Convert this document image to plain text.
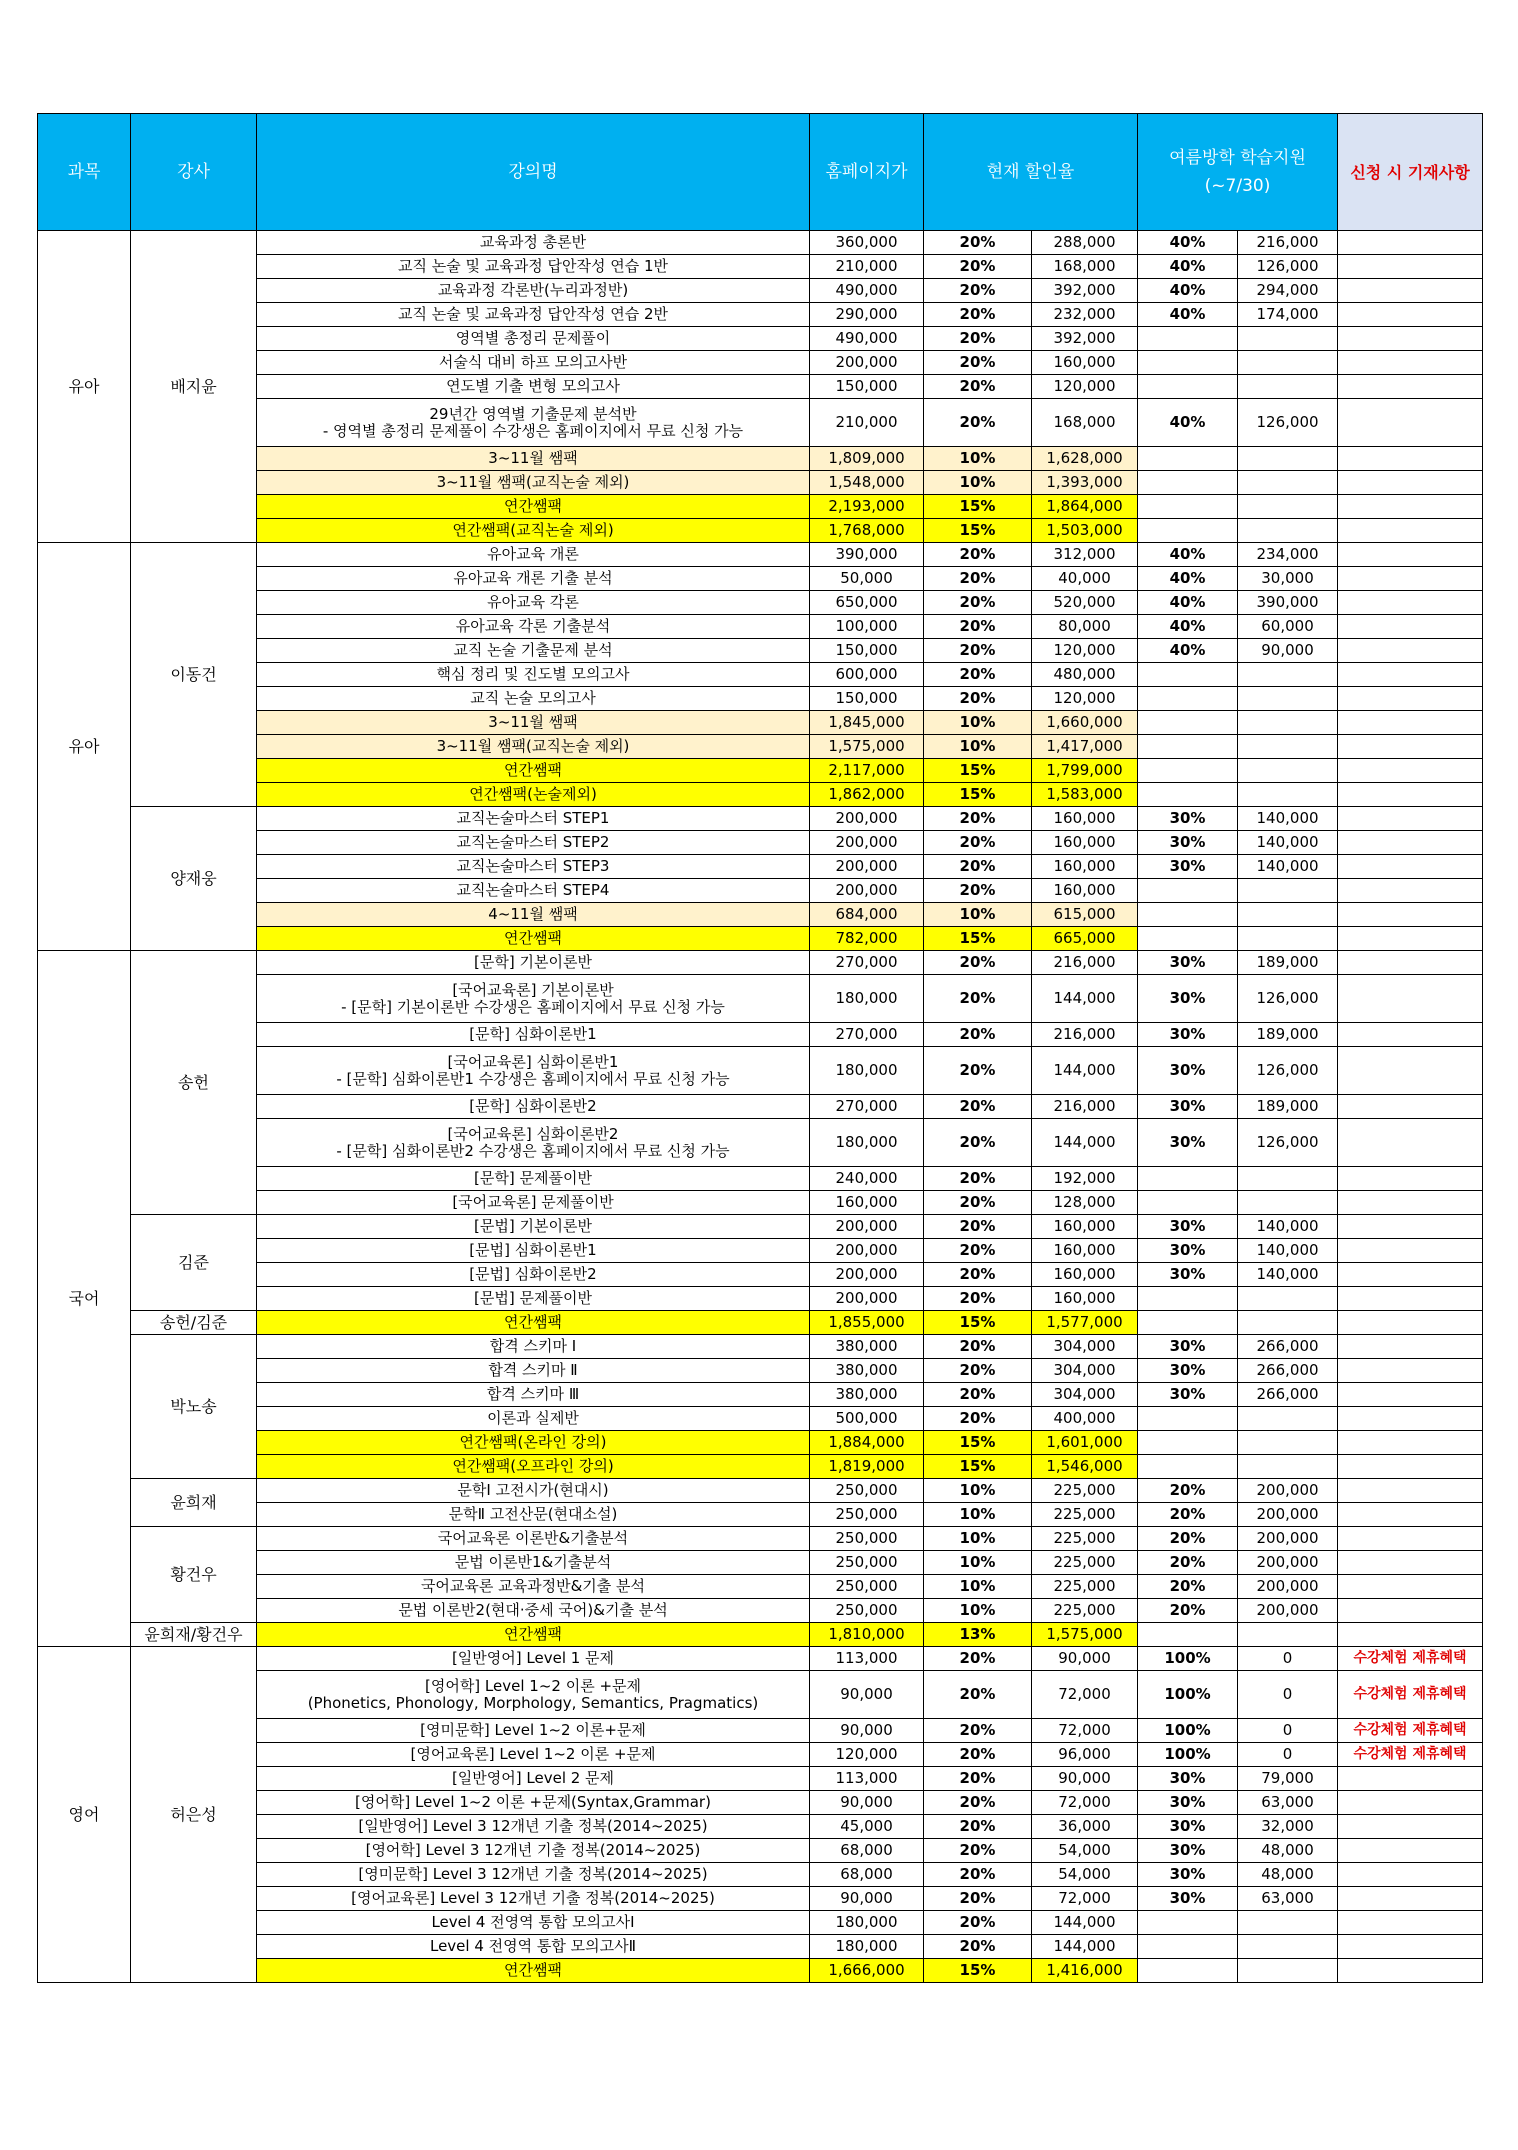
과목	강사	강의명	홈페이지가	현재 할인율		여름방학 학습지원
(~7/30)		신청 시 기재사항
유아	배지윤	교육과정 총론반	360,000	20%	288,000	40%	216,000	
		교직 논술 및 교육과정 답안작성 연습 1반	210,000	20%	168,000	40%	126,000	
		교육과정 각론반(누리과정반)	490,000	20%	392,000	40%	294,000	
		교직 논술 및 교육과정 답안작성 연습 2반	290,000	20%	232,000	40%	174,000	
		영역별 총정리 문제풀이	490,000	20%	392,000			
		서술식 대비 하프 모의고사반	200,000	20%	160,000			
		연도별 기출 변형 모의고사	150,000	20%	120,000			
		29년간 영역별 기출문제 분석반
- 영역별 총정리 문제풀이 수강생은 홈페이지에서 무료 신청 가능	210,000	20%	168,000	40%	126,000	
		3~11월 쌤팩	1,809,000	10%	1,628,000			
		3~11월 쌤팩(교직논술 제외)	1,548,000	10%	1,393,000			
		연간쌤팩	2,193,000	15%	1,864,000			
		연간쌤팩(교직논술 제외)	1,768,000	15%	1,503,000			
유아	이동건	유아교육 개론	390,000	20%	312,000	40%	234,000	
		유아교육 개론 기출 분석	50,000	20%	40,000	40%	30,000	
		유아교육 각론	650,000	20%	520,000	40%	390,000	
		유아교육 각론 기출분석	100,000	20%	80,000	40%	60,000	
		교직 논술 기출문제 분석	150,000	20%	120,000	40%	90,000	
		핵심 정리 및 진도별 모의고사	600,000	20%	480,000			
		교직 논술 모의고사	150,000	20%	120,000			
		3~11월 쌤팩	1,845,000	10%	1,660,000			
		3~11월 쌤팩(교직논술 제외)	1,575,000	10%	1,417,000			
		연간쌤팩	2,117,000	15%	1,799,000			
		연간쌤팩(논술제외)	1,862,000	15%	1,583,000			
	양재웅	교직논술마스터 STEP1	200,000	20%	160,000	30%	140,000	
		교직논술마스터 STEP2	200,000	20%	160,000	30%	140,000	
		교직논술마스터 STEP3	200,000	20%	160,000	30%	140,000	
		교직논술마스터 STEP4	200,000	20%	160,000			
		4~11월 쌤팩	684,000	10%	615,000			
		연간쌤팩	782,000	15%	665,000			
국어	송헌	[문학] 기본이론반	270,000	20%	216,000	30%	189,000	
		[국어교육론] 기본이론반
- [문학] 기본이론반 수강생은 홈페이지에서 무료 신청 가능	180,000	20%	144,000	30%	126,000	
		[문학] 심화이론반1	270,000	20%	216,000	30%	189,000	
		[국어교육론] 심화이론반1
- [문학] 심화이론반1 수강생은 홈페이지에서 무료 신청 가능	180,000	20%	144,000	30%	126,000	
		[문학] 심화이론반2	270,000	20%	216,000	30%	189,000	
		[국어교육론] 심화이론반2
- [문학] 심화이론반2 수강생은 홈페이지에서 무료 신청 가능	180,000	20%	144,000	30%	126,000	
		[문학] 문제풀이반	240,000	20%	192,000			
		[국어교육론] 문제풀이반	160,000	20%	128,000			
	김준	[문법] 기본이론반	200,000	20%	160,000	30%	140,000	
		[문법] 심화이론반1	200,000	20%	160,000	30%	140,000	
		[문법] 심화이론반2	200,000	20%	160,000	30%	140,000	
		[문법] 문제풀이반	200,000	20%	160,000			
	송헌/김준	연간쌤팩	1,855,000	15%	1,577,000			
	박노송	합격 스키마 Ⅰ	380,000	20%	304,000	30%	266,000	
		합격 스키마 Ⅱ	380,000	20%	304,000	30%	266,000	
		합격 스키마 Ⅲ	380,000	20%	304,000	30%	266,000	
		이론과 실제반	500,000	20%	400,000			
		연간쌤팩(온라인 강의)	1,884,000	15%	1,601,000			
		연간쌤팩(오프라인 강의)	1,819,000	15%	1,546,000			
	윤희재	문학Ⅰ 고전시가(현대시)	250,000	10%	225,000	20%	200,000	
		문학Ⅱ 고전산문(현대소설)	250,000	10%	225,000	20%	200,000	
	황건우	국어교육론 이론반&기출분석	250,000	10%	225,000	20%	200,000	
		문법 이론반1&기출분석	250,000	10%	225,000	20%	200,000	
		국어교육론 교육과정반&기출 분석	250,000	10%	225,000	20%	200,000	
		문법 이론반2(현대·중세 국어)&기출 분석	250,000	10%	225,000	20%	200,000	
	윤희재/황건우	연간쌤팩	1,810,000	13%	1,575,000			
영어	허은성	[일반영어] Level 1 문제	113,000	20%	90,000	100%	0	수강체험 제휴혜택
		[영어학] Level 1~2 이론 +문제
(Phonetics, Phonology, Morphology, Semantics, Pragmatics)	90,000	20%	72,000	100%	0	수강체험 제휴혜택
		[영미문학] Level 1~2 이론+문제	90,000	20%	72,000	100%	0	수강체험 제휴혜택
		[영어교육론] Level 1~2 이론 +문제	120,000	20%	96,000	100%	0	수강체험 제휴혜택
		[일반영어] Level 2 문제	113,000	20%	90,000	30%	79,000	
		[영어학] Level 1~2 이론 +문제(Syntax,Grammar)	90,000	20%	72,000	30%	63,000	
		[일반영어] Level 3 12개년 기출 정복(2014~2025)	45,000	20%	36,000	30%	32,000	
		[영어학] Level 3 12개년 기출 정복(2014~2025)	68,000	20%	54,000	30%	48,000	
		[영미문학] Level 3 12개년 기출 정복(2014~2025)	68,000	20%	54,000	30%	48,000	
		[영어교육론] Level 3 12개년 기출 정복(2014~2025)	90,000	20%	72,000	30%	63,000	
		Level 4 전영역 통합 모의고사Ⅰ	180,000	20%	144,000			
		Level 4 전영역 통합 모의고사Ⅱ	180,000	20%	144,000			
		연간쌤팩	1,666,000	15%	1,416,000			
